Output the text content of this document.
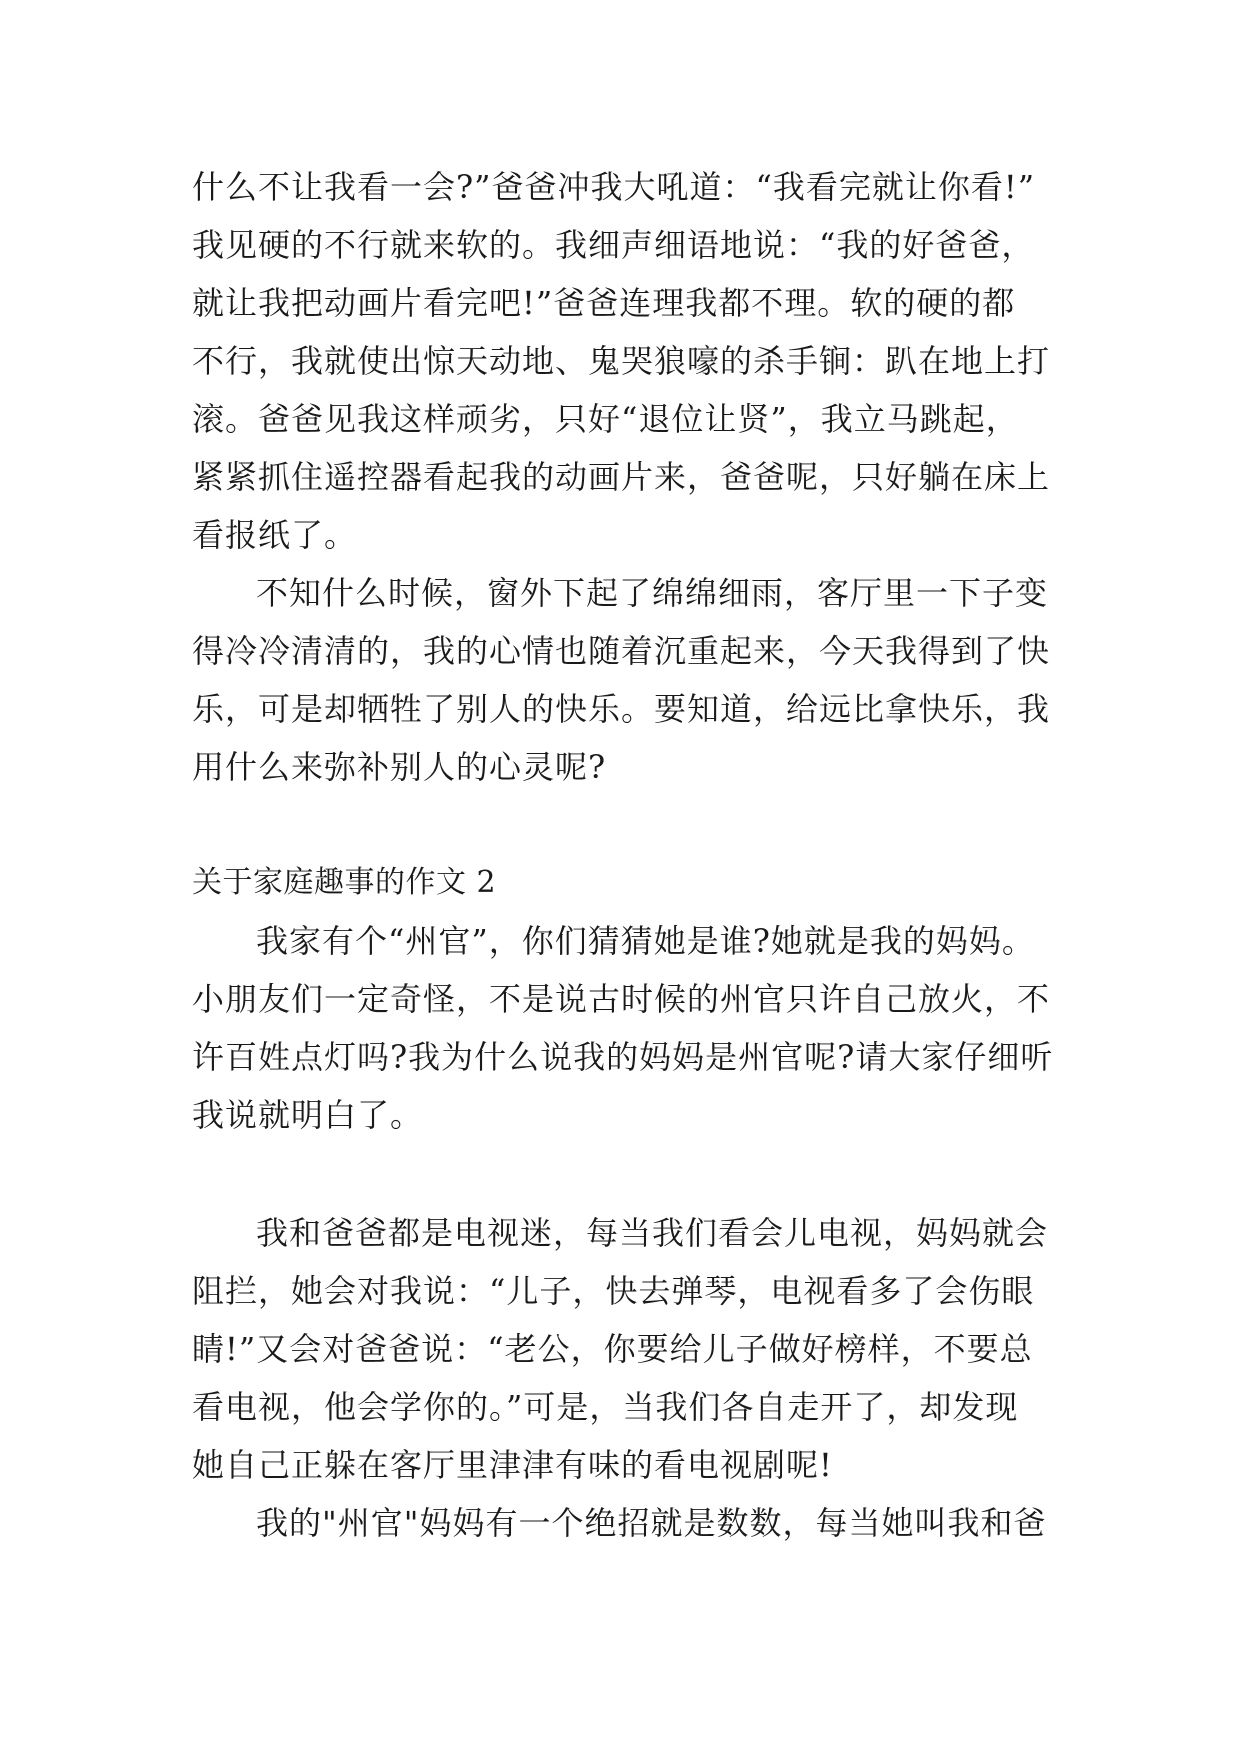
什么不让我看一会?”爸爸冲我大吼道：“我看完就让你看!”
我见硬的不行就来软的。我细声细语地说：“我的好爸爸，
就让我把动画片看完吧!”爸爸连理我都不理。软的硬的都
不行，我就使出惊天动地、鬼哭狼嚎的杀手锏：趴在地上打
滚。爸爸见我这样顽劣，只好“退位让贤”，我立马跳起，
紧紧抓住遥控器看起我的动画片来，爸爸呢，只好躺在床上
看报纸了。
不知什么时候，窗外下起了绵绵细雨，客厅里一下子变
得冷冷清清的，我的心情也随着沉重起来，今天我得到了快
乐，可是却牺牲了别人的快乐。要知道，给远比拿快乐，我
用什么来弥补别人的心灵呢?
关于家庭趣事的作文 2
我家有个“州官”，你们猜猜她是谁?她就是我的妈妈。
小朋友们一定奇怪，不是说古时候的州官只许自己放火，不
许百姓点灯吗?我为什么说我的妈妈是州官呢?请大家仔细听
我说就明白了。
我和爸爸都是电视迷，每当我们看会儿电视，妈妈就会
阻拦，她会对我说：“儿子，快去弹琴，电视看多了会伤眼
睛!”又会对爸爸说：“老公，你要给儿子做好榜样，不要总
看电视，他会学你的。”可是，当我们各自走开了，却发现
她自己正躲在客厅里津津有味的看电视剧呢!
我的"州官"妈妈有一个绝招就是数数，每当她叫我和爸
